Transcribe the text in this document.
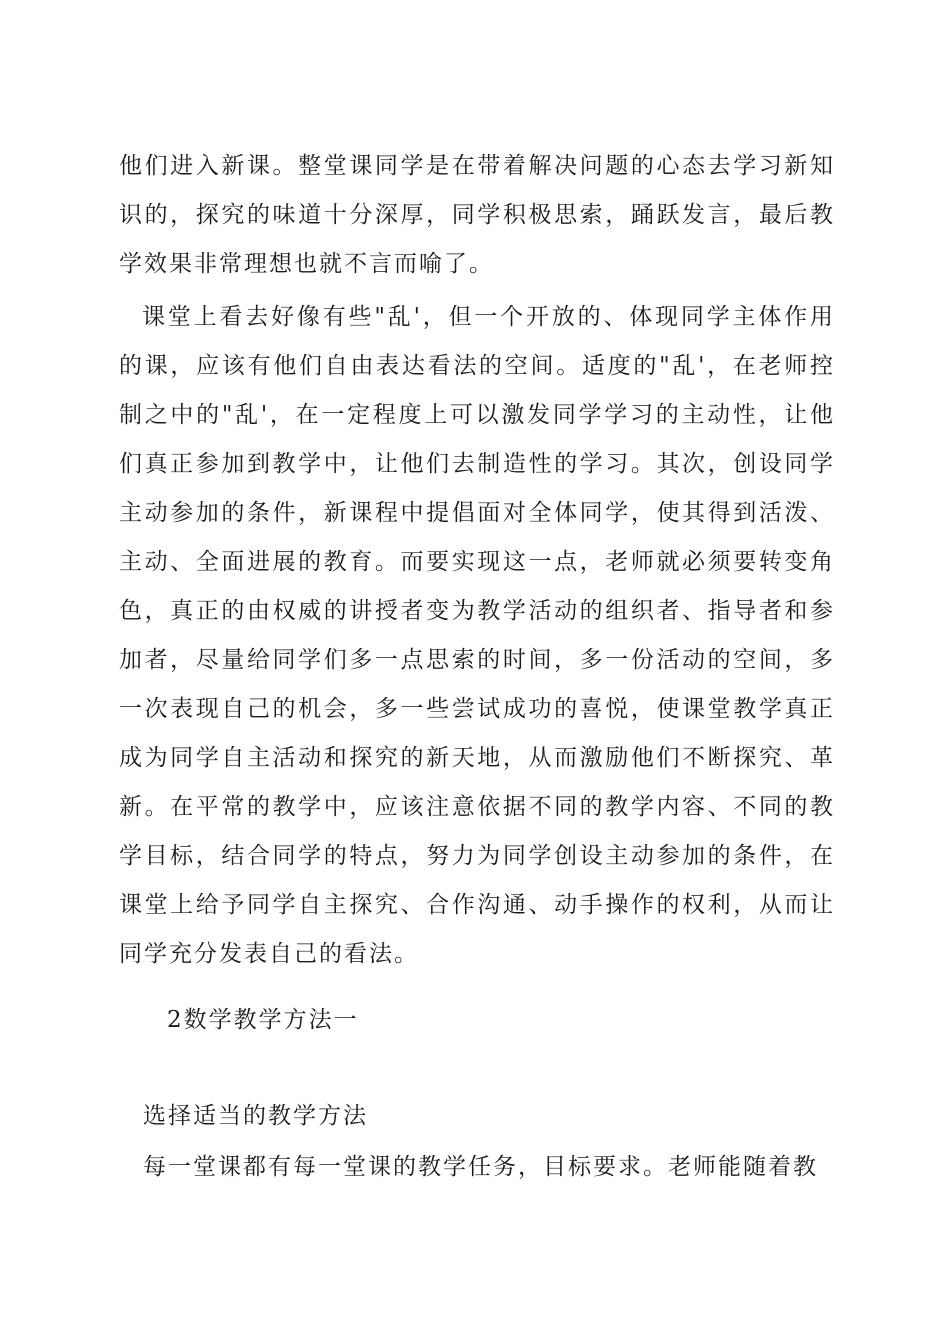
他们进入新课。整堂课同学是在带着解决问题的心态去学习新知识的，探究的味道十分深厚，同学积极思索，踊跃发言，最后教学效果非常理想也就不言而喻了。
课堂上看去好像有些"乱'，但一个开放的、体现同学主体作用的课，应该有他们自由表达看法的空间。适度的"乱'，在老师控制之中的"乱'，在一定程度上可以激发同学学习的主动性，让他们真正参加到教学中，让他们去制造性的学习。其次，创设同学主动参加的条件，新课程中提倡面对全体同学，使其得到活泼、主动、全面进展的教育。而要实现这一点，老师就必须要转变角色，真正的由权威的讲授者变为教学活动的组织者、指导者和参加者，尽量给同学们多一点思索的时间，多一份活动的空间，多一次表现自己的机会，多一些尝试成功的喜悦，使课堂教学真正成为同学自主活动和探究的新天地，从而激励他们不断探究、革新。在平常的教学中，应该注意依据不同的教学内容、不同的教学目标，结合同学的特点，努力为同学创设主动参加的条件，在课堂上给予同学自主探究、合作沟通、动手操作的权利，从而让同学充分发表自己的看法。
2数学教学方法一
选择适当的教学方法
每一堂课都有每一堂课的教学任务，目标要求。老师能随着教
